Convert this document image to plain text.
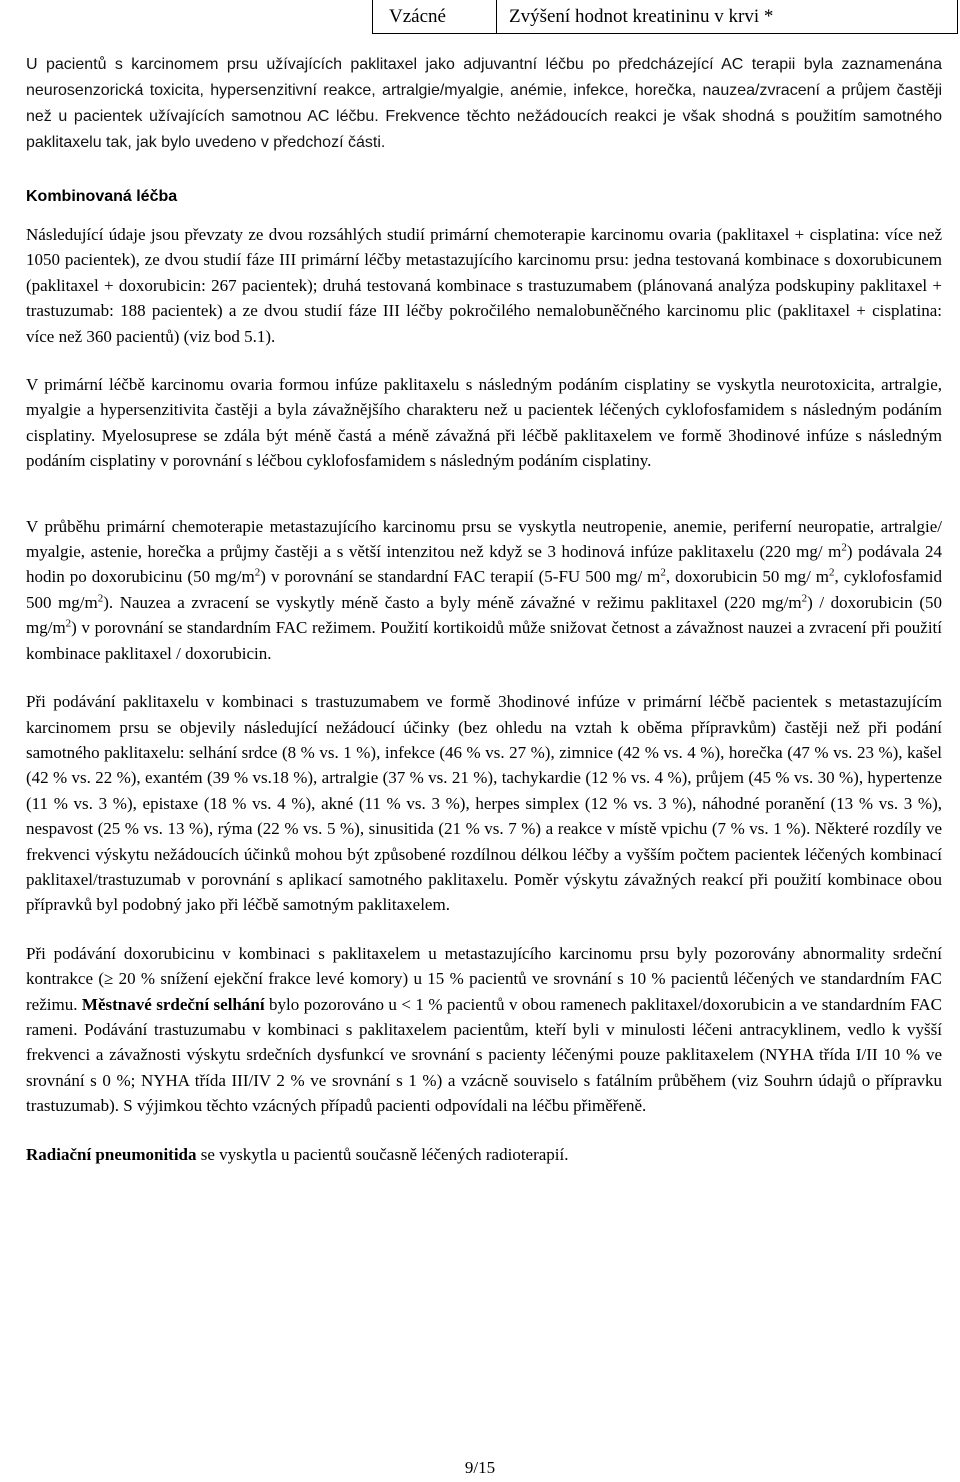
Vzácné	Zvýšení hodnot kreatininu v krvi *

U pacientů s karcinomem prsu užívajících paklitaxel jako adjuvantní léčbu po předcházející AC terapii byla zaznamenána neurosenzorická toxicita, hypersenzitivní reakce, artralgie/myalgie, anémie, infekce, horečka, nauzea/zvracení a průjem častěji než u pacientek užívajících samotnou AC léčbu. Frekvence těchto nežádoucích reakci je však shodná s použitím samotného paklitaxelu tak, jak bylo uvedeno v předchozí části.

Kombinovaná léčba

Následující údaje jsou převzaty ze dvou rozsáhlých studií primární chemoterapie karcinomu ovaria (paklitaxel + cisplatina: více než 1050 pacientek), ze dvou studií fáze III primární léčby metastazujícího karcinomu prsu: jedna testovaná kombinace s doxorubicunem (paklitaxel + doxorubicin: 267 pacientek); druhá testovaná kombinace s trastuzumabem (plánovaná analýza podskupiny paklitaxel + trastuzumab: 188 pacientek) a ze dvou studií fáze III léčby pokročilého nemalobuněčného karcinomu plic (paklitaxel + cisplatina: více než 360 pacientů) (viz bod 5.1).

V primární léčbě karcinomu ovaria formou infúze paklitaxelu s následným podáním cisplatiny se vyskytla neurotoxicita, artralgie, myalgie a hypersenzitivita častěji a byla závažnějšího charakteru než u pacientek léčených cyklofosfamidem s následným podáním cisplatiny. Myelosuprese se zdála být méně častá a méně závažná při léčbě paklitaxelem ve formě 3hodinové infúze s následným podáním cisplatiny v porovnání s léčbou cyklofosfamidem s následným podáním cisplatiny.

V průběhu primární chemoterapie metastazujícího karcinomu prsu se vyskytla neutropenie, anemie, periferní neuropatie, artralgie/ myalgie, astenie, horečka a průjmy častěji a s větší intenzitou než když se 3 hodinová infúze paklitaxelu (220 mg/ $m^2$) podávala 24 hodin po doxorubicinu (50 $mg/m^2$) v porovnání se standardní FAC terapií (5-FU 500 mg/ $m^2$, doxorubicin 50 mg/ $m^2$, cyklofosfamid 500 $mg/m^2$). Nauzea a zvracení se vyskytly méně často a byly méně závažné v režimu paklitaxel (220 $mg/m^2$) / doxorubicin (50 $mg/m^2$) v porovnání se standardním FAC režimem. Použití kortikoidů může snižovat četnost a závažnost nauzei a zvracení při použití kombinace paklitaxel / doxorubicin.

Při podávání paklitaxelu v kombinaci s trastuzumabem ve formě 3hodinové infúze v primární léčbě pacientek s metastazujícím karcinomem prsu se objevily následující nežádoucí účinky (bez ohledu na vztah k oběma přípravkům) častěji než při podání samotného paklitaxelu: selhání srdce (8 % vs. 1 %), infekce (46 % vs. 27 %), zimnice (42 % vs. 4 %), horečka (47 % vs. 23 %), kašel (42 % vs. 22 %), exantém (39 % vs.18 %), artralgie (37 % vs. 21 %), tachykardie (12 % vs. 4 %), průjem (45 % vs. 30 %), hypertenze (11 % vs. 3 %), epistaxe (18 % vs. 4 %), akné (11 % vs. 3 %), herpes simplex (12 % vs. 3 %), náhodné poranění (13 % vs. 3 %), nespavost (25 % vs. 13 %), rýma (22 % vs. 5 %), sinusitida (21 % vs. 7 %) a reakce v místě vpichu (7 % vs. 1 %). Některé rozdíly ve frekvenci výskytu nežádoucích účinků mohou být způsobené rozdílnou délkou léčby a vyšším počtem pacientek léčených kombinací paklitaxel/trastuzumab v porovnání s aplikací samotného paklitaxelu. Poměr výskytu závažných reakcí při použití kombinace obou přípravků byl podobný jako při léčbě samotným paklitaxelem.

Při podávání doxorubicinu v kombinaci s paklitaxelem u metastazujícího karcinomu prsu byly pozorovány abnormality srdeční kontrakce (≥ 20 % snížení ejekční frakce levé komory) u 15 % pacientů ve srovnání s 10 % pacientů léčených ve standardním FAC režimu. Městnavé srdeční selhání bylo pozorováno u < 1 % pacientů v obou ramenech paklitaxel/doxorubicin a ve standardním FAC rameni. Podávání trastuzumabu v kombinaci s paklitaxelem pacientům, kteří byli v minulosti léčeni antracyklinem, vedlo k vyšší frekvenci a závažnosti výskytu srdečních dysfunkcí ve srovnání s pacienty léčenými pouze paklitaxelem (NYHA třída I/II 10 % ve srovnání s 0 %; NYHA třída III/IV 2 % ve srovnání s 1 %) a vzácně souviselo s fatálním průběhem (viz Souhrn údajů o přípravku trastuzumab). S výjimkou těchto vzácných případů pacienti odpovídali na léčbu přiměřeně.

Radiační pneumonitida se vyskytla u pacientů současně léčených radioterapií.

9/15
